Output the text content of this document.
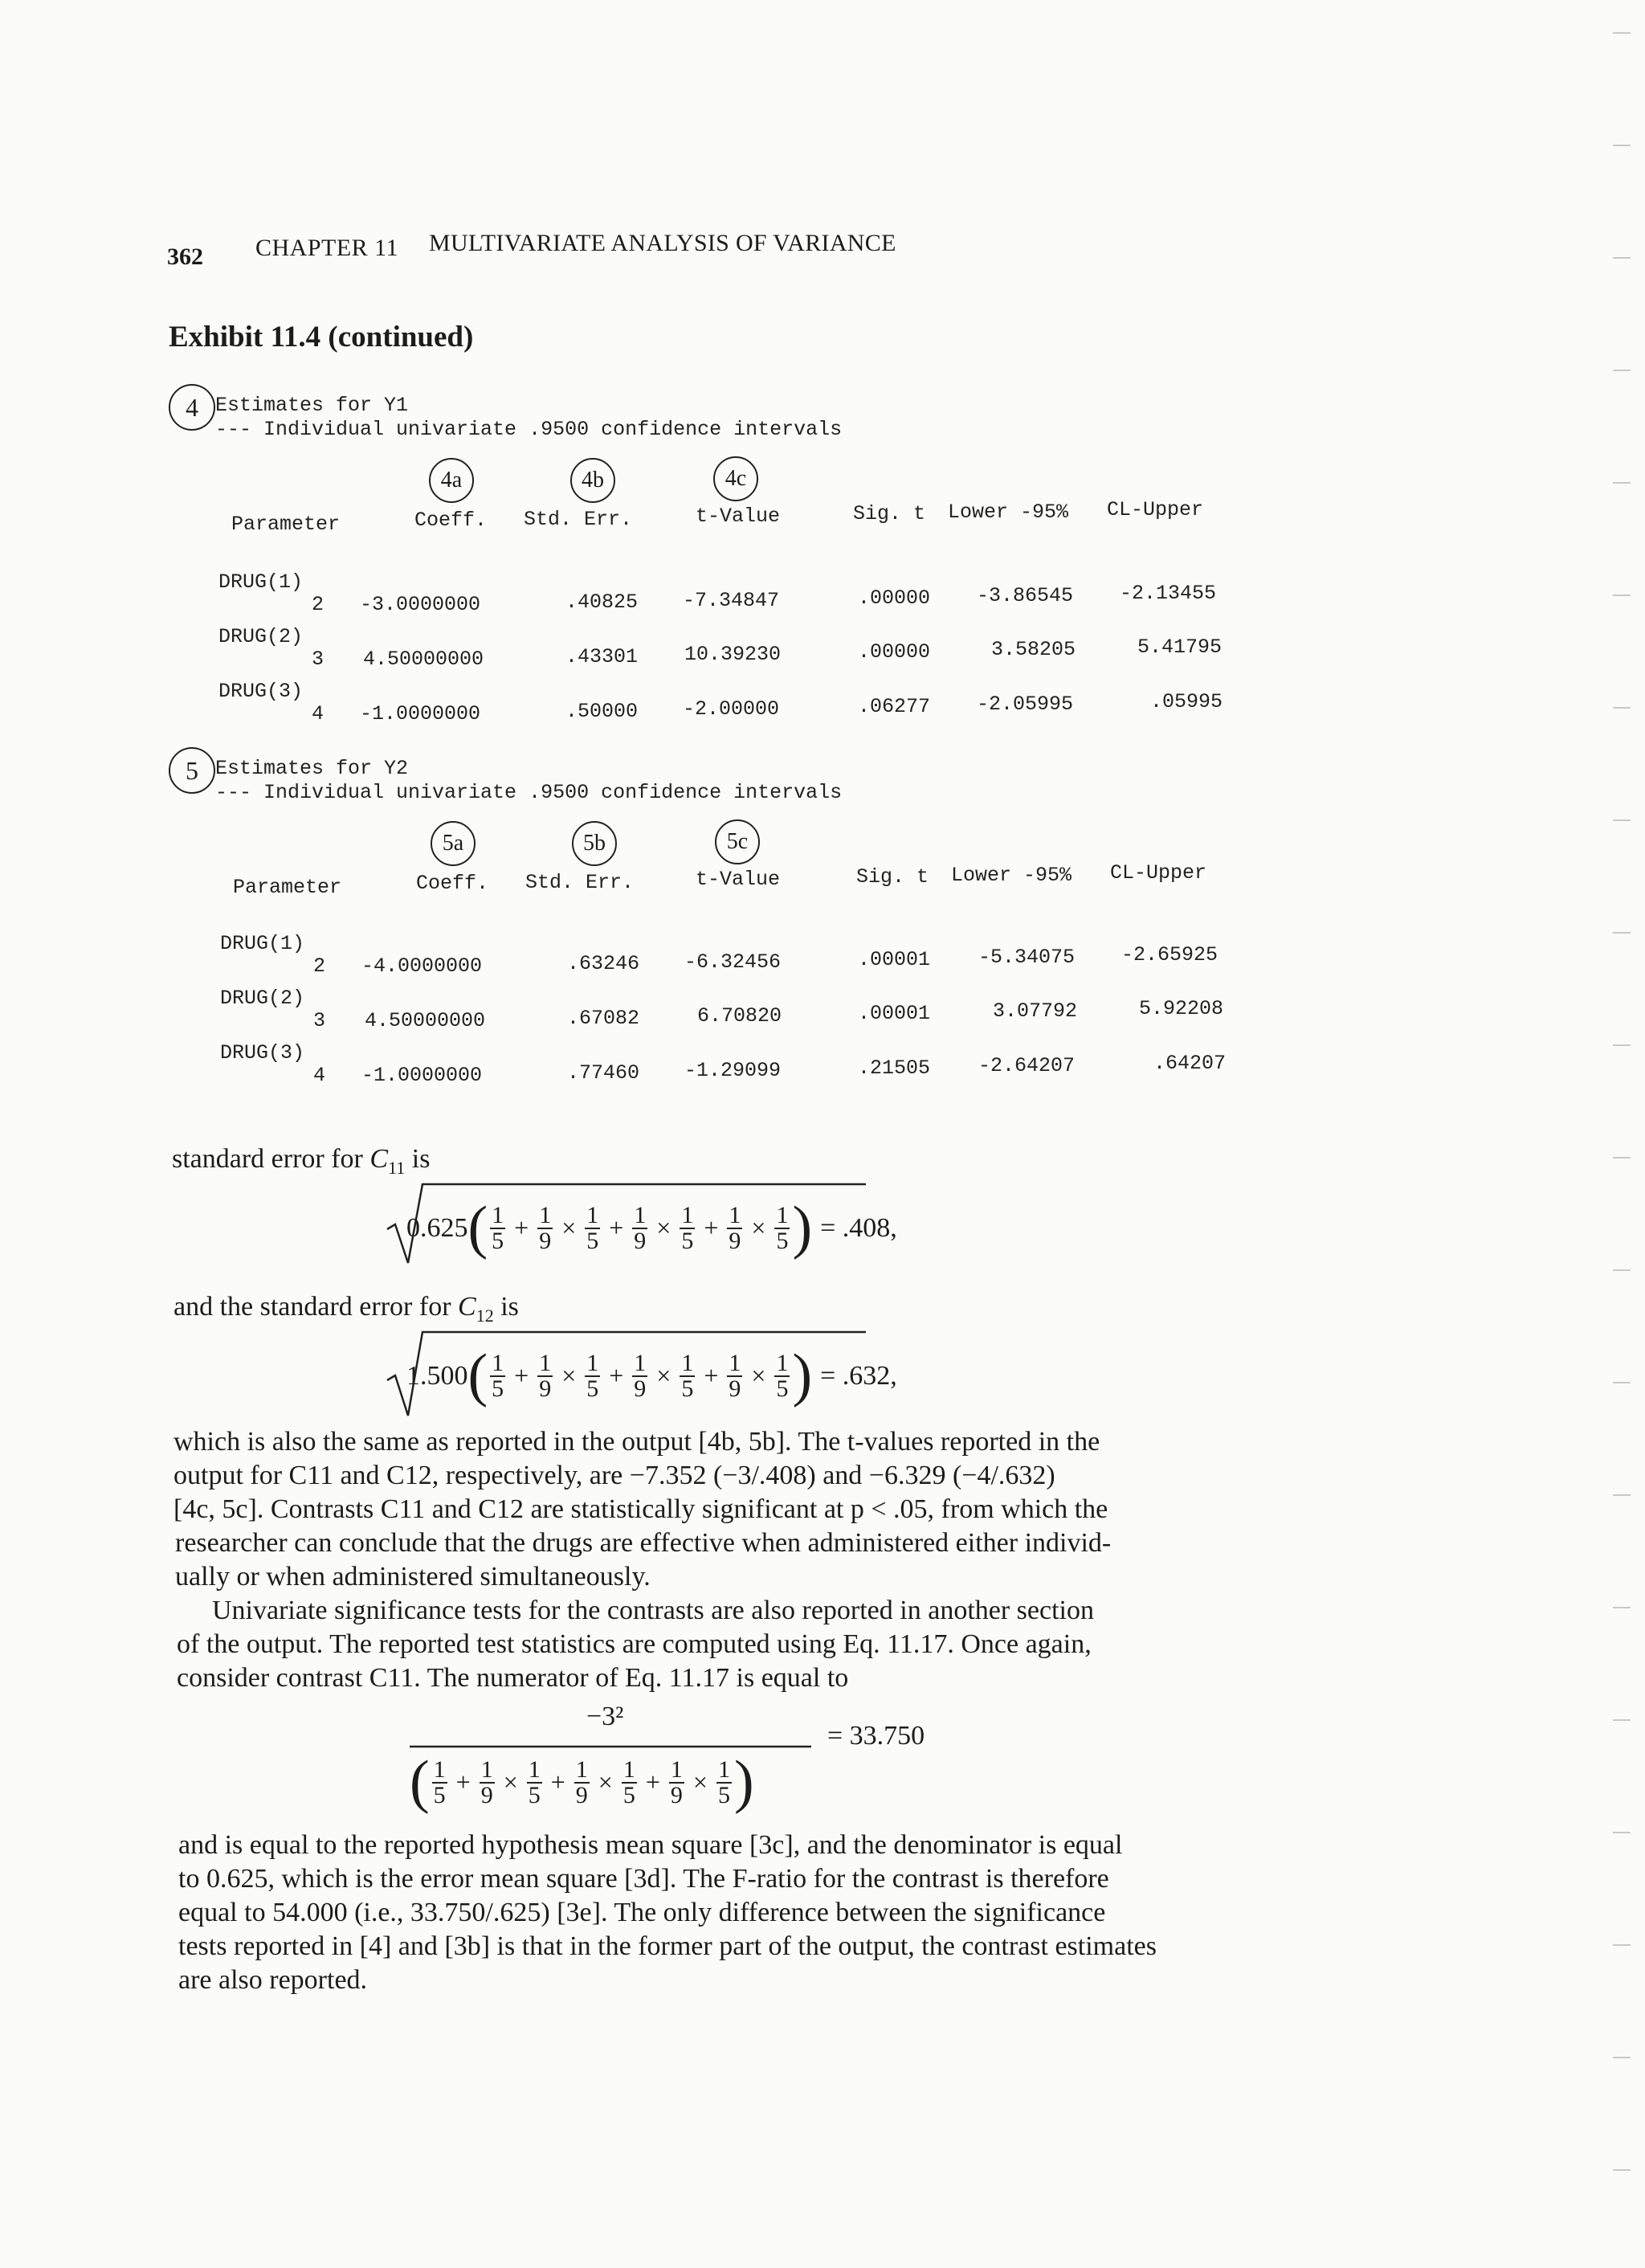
362 CHAPTER 11 MULTIVARIATE ANALYSIS OF VARIANCE
Exhibit 11.4 (continued)
4 Estimates for Y1
--- Individual univariate .9500 confidence intervals
4a	4b	4c
Parameter	Coeff. Std. Err.	t-Value	Sig. t Lower -95% CL-Upper
DRUG(1)
2 -3.0000000	.40825 -7.34847	.00000 -3.86545 -2.13455
DRUG(2)
3 4.50000000	.43301 10.39230	.00000	3.58205	5.41795
DRUG(3)
4 -1.0000000	.50000 -2.00000	.06277 -2.05995	.05995
5 Estimates for Y2
--- Individual univariate .9500 confidence intervals
5a	5b	5c
Parameter	Coeff. Std. Err.	t-Value	Sig. t Lower -95% CL-Upper
DRUG(1)
2 -4.0000000	.63246 -6.32456	.00001 -5.34075 -2.65925
DRUG(2)
3 4.50000000	.67082	6.70820	.00001	3.07792	5.92208
DRUG(3)
4 -1.0000000	.77460 -1.29099	.21505 -2.64207	.64207
standard error for $C_{11}$ is
0.625 ( $\frac{1}{5} + \frac{1}{9} \times \frac{1}{5} + \frac{1}{9} \times \frac{1}{5} + \frac{1}{9} \times \frac{1}{5}$ ) = .408,
and the standard error for $C_{12}$ is
1.500 ( $\frac{1}{5} + \frac{1}{9} \times \frac{1}{5} + \frac{1}{9} \times \frac{1}{5} + \frac{1}{9} \times \frac{1}{5}$ ) = .632,
which is also the same as reported in the output [4b, 5b]. The t-values reported in the
output for C11 and C12, respectively, are −7.352 (−3/.408) and −6.329 (−4/.632)
[4c, 5c]. Contrasts C11 and C12 are statistically significant at p < .05, from which the
researcher can conclude that the drugs are effective when administered either individ-
ually or when administered simultaneously.
Univariate significance tests for the contrasts are also reported in another section
of the output. The reported test statistics are computed using Eq. 11.17. Once again,
consider contrast C11. The numerator of Eq. 11.17 is equal to
−3²
= 33.750
( $\frac{1}{5} + \frac{1}{9} \times \frac{1}{5} + \frac{1}{9} \times \frac{1}{5} + \frac{1}{9} \times \frac{1}{5}$ )
and is equal to the reported hypothesis mean square [3c], and the denominator is equal
to 0.625, which is the error mean square [3d]. The F-ratio for the contrast is therefore
equal to 54.000 (i.e., 33.750/.625) [3e]. The only difference between the significance
tests reported in [4] and [3b] is that in the former part of the output, the contrast estimates
are also reported.
